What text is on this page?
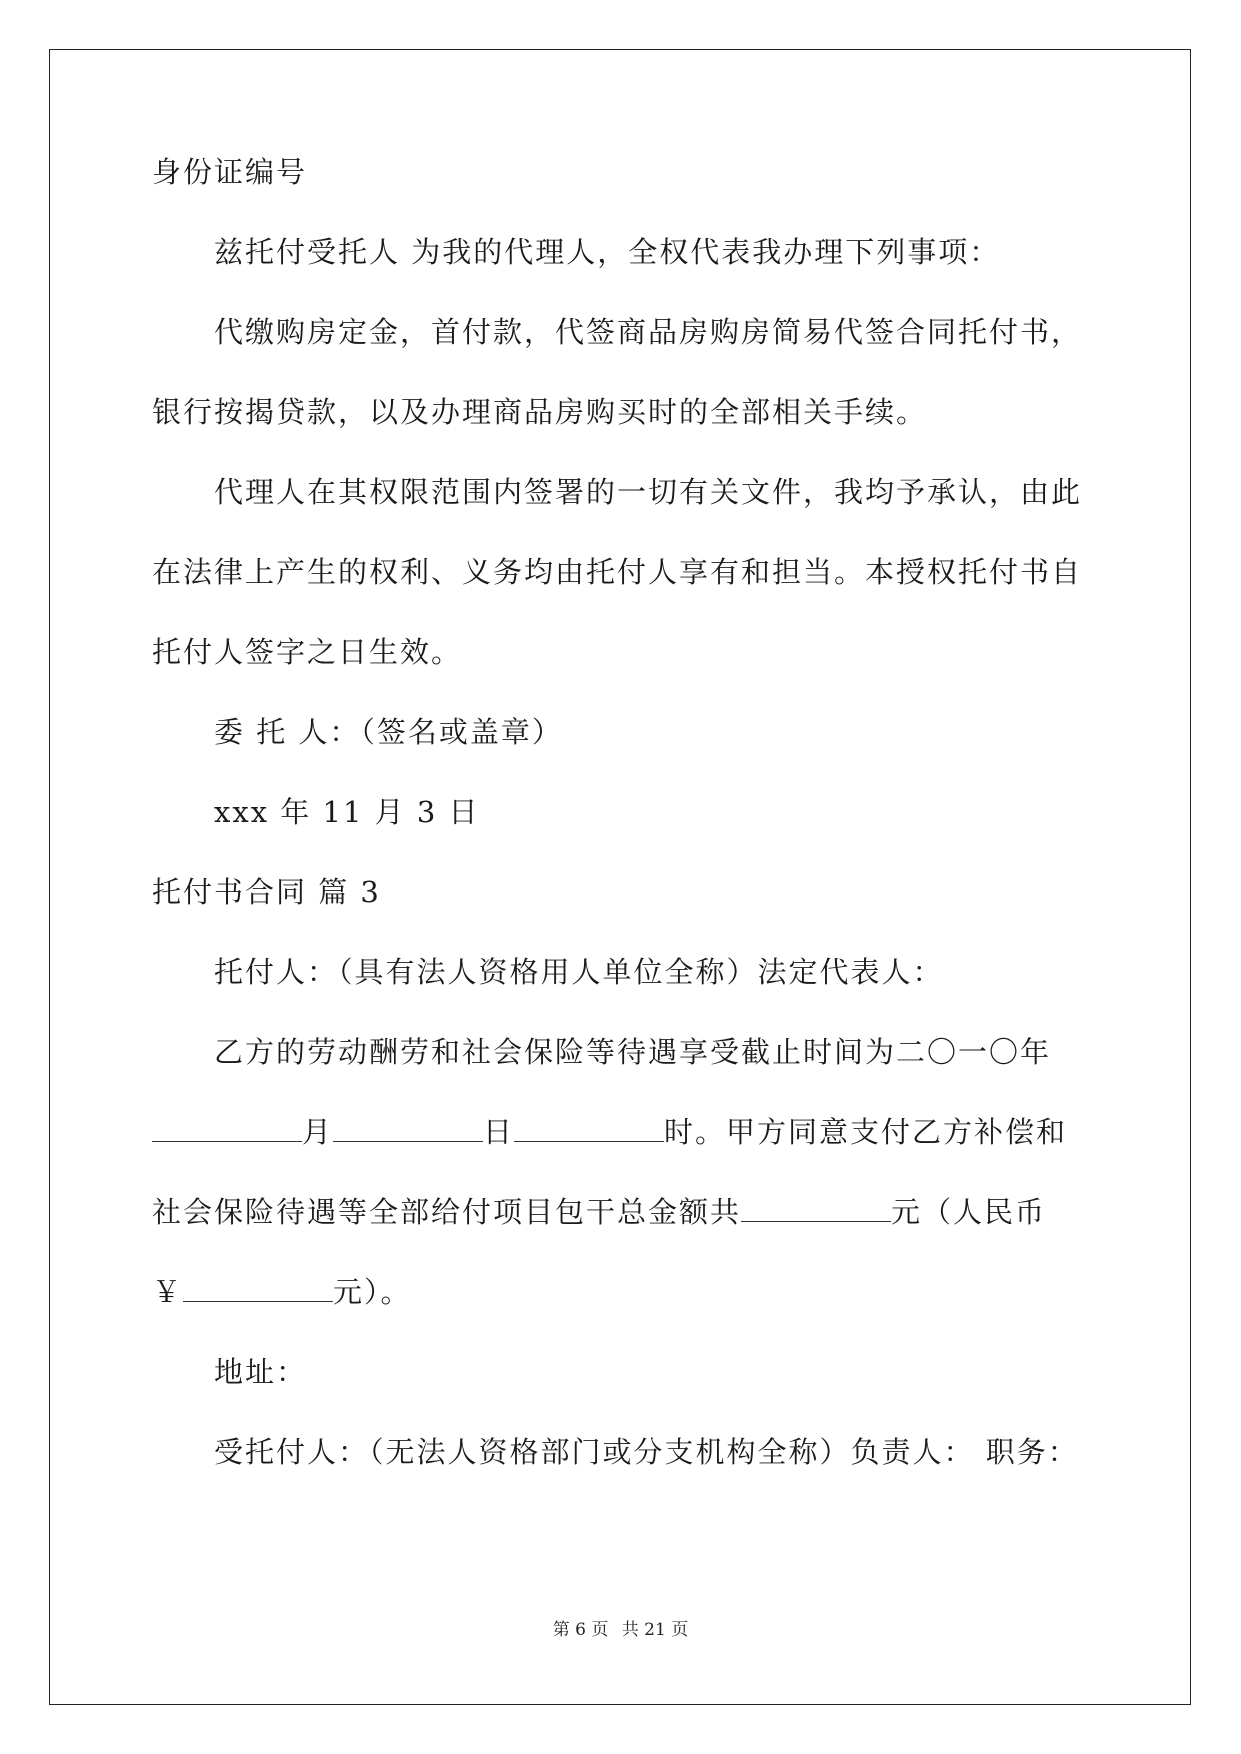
身份证编号
兹托付受托人 为我的代理人，全权代表我办理下列事项：
代缴购房定金，首付款，代签商品房购房简易代签合同托付书，
银行按揭贷款，以及办理商品房购买时的全部相关手续。
代理人在其权限范围内签署的一切有关文件，我均予承认，由此
在法律上产生的权利、义务均由托付人享有和担当。本授权托付书自
托付人签字之日生效。
委 托 人：（签名或盖章）
xxx 年 11 月 3 日
托付书合同 篇 3
托付人：（具有法人资格用人单位全称）法定代表人：
乙方的劳动酬劳和社会保险等待遇享受截止时间为二〇一〇年
月	日	时。甲方同意支付乙方补偿和
社会保险待遇等全部给付项目包干总金额共	元（人民币
￥	元）。
地址：
受托付人：（无法人资格部门或分支机构全称）负责人： 职务：
第 6 页 共 21 页
